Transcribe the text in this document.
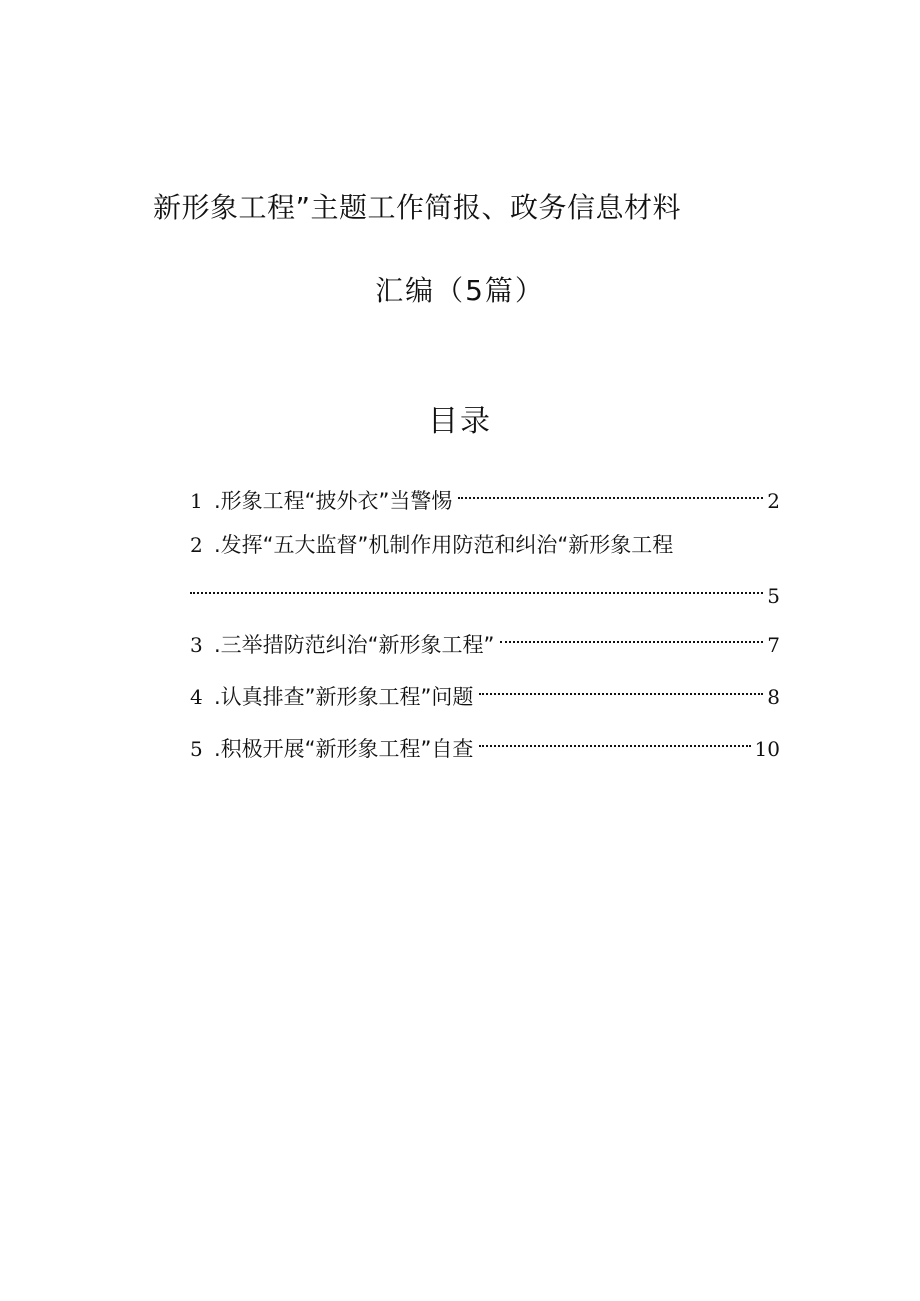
新形象工程”主题工作简报、政务信息材料
汇编（5篇）
目录
1 .形象工程“披外衣”当警惕	2
2 .发挥“五大监督”机制作用防范和纠治“新形象工程
5
3 .三举措防范纠治“新形象工程”	7
4 .认真排查”新形象工程”问题	8
5 .积极开展“新形象工程”自查	10
